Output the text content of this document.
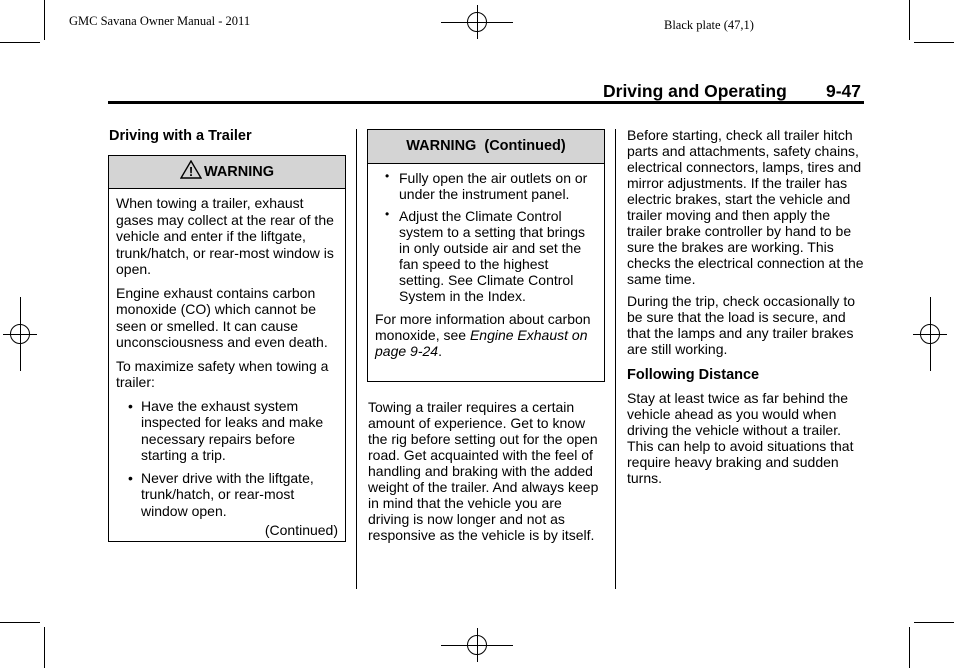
GMC Savana Owner Manual - 2011	Black plate (47,1)
Driving and Operating 9-47
Driving with a Trailer
! WARNING

When towing a trailer, exhaust gases may collect at the rear of the vehicle and enter if the liftgate, trunk/hatch, or rear-most window is open.

Engine exhaust contains carbon monoxide (CO) which cannot be seen or smelled. It can cause unconsciousness and even death.

To maximize safety when towing a trailer:

• Have the exhaust system inspected for leaks and make necessary repairs before starting a trip.
• Never drive with the liftgate, trunk/hatch, or rear-most window open.
(Continued)
WARNING  (Continued)
• Fully open the air outlets on or under the instrument panel.
• Adjust the Climate Control system to a setting that brings in only outside air and set the fan speed to the highest setting. See Climate Control System in the Index.

For more information about carbon monoxide, see Engine Exhaust on page 9-24.

Towing a trailer requires a certain amount of experience. Get to know the rig before setting out for the open road. Get acquainted with the feel of handling and braking with the added weight of the trailer. And always keep in mind that the vehicle you are driving is now longer and not as responsive as the vehicle is by itself.

Before starting, check all trailer hitch parts and attachments, safety chains, electrical connectors, lamps, tires and mirror adjustments. If the trailer has electric brakes, start the vehicle and trailer moving and then apply the trailer brake controller by hand to be sure the brakes are working. This checks the electrical connection at the same time.

During the trip, check occasionally to be sure that the load is secure, and that the lamps and any trailer brakes are still working.

Following Distance

Stay at least twice as far behind the vehicle ahead as you would when driving the vehicle without a trailer. This can help to avoid situations that require heavy braking and sudden turns.
